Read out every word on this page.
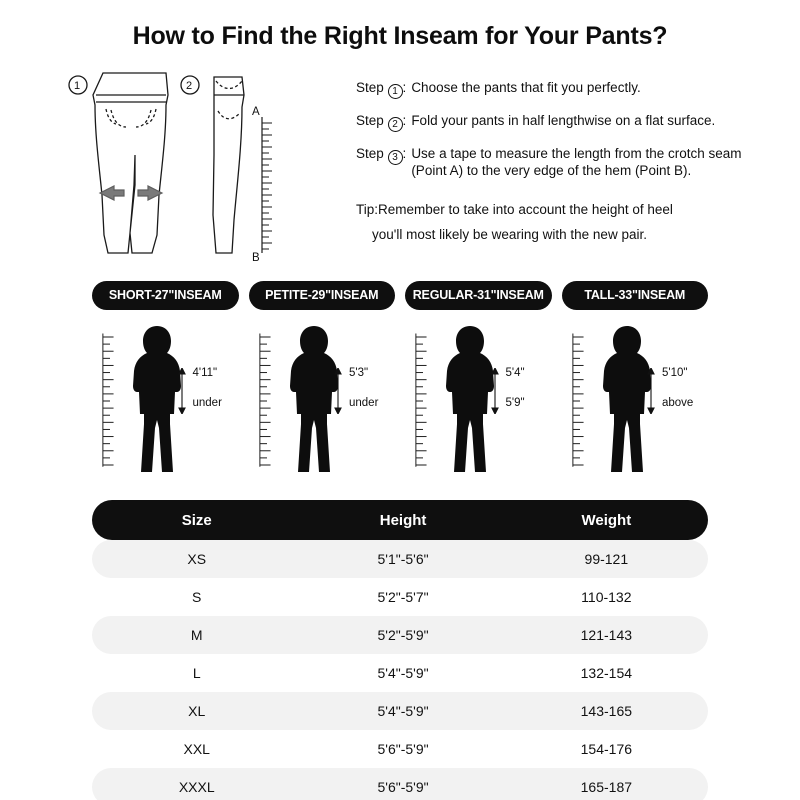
How to Find the Right Inseam for Your Pants?
1	2
A
B
Step 1 : Choose the pants that fit you perfectly.
Step 2 : Fold your pants in half lengthwise on a flat surface.
Step 3 : Use a tape to measure the length from the crotch seam (Point A) to the very edge of the hem (Point B).
Tip:Remember to take into account the height of heel
you'll most likely be wearing with the new pair.
SHORT-27"INSEAM	PETITE-29"INSEAM	REGULAR-31"INSEAM	TALL-33"INSEAM
4'11"
under
5'3"
under
5'4"
5'9"
5'10"
above
Size	Height	Weight
XS	5'1"-5'6"	99-121
S	5'2"-5'7"	110-132
M	5'2"-5'9"	121-143
L	5'4"-5'9"	132-154
XL	5'4"-5'9"	143-165
XXL	5'6"-5'9"	154-176
XXXL	5'6"-5'9"	165-187
